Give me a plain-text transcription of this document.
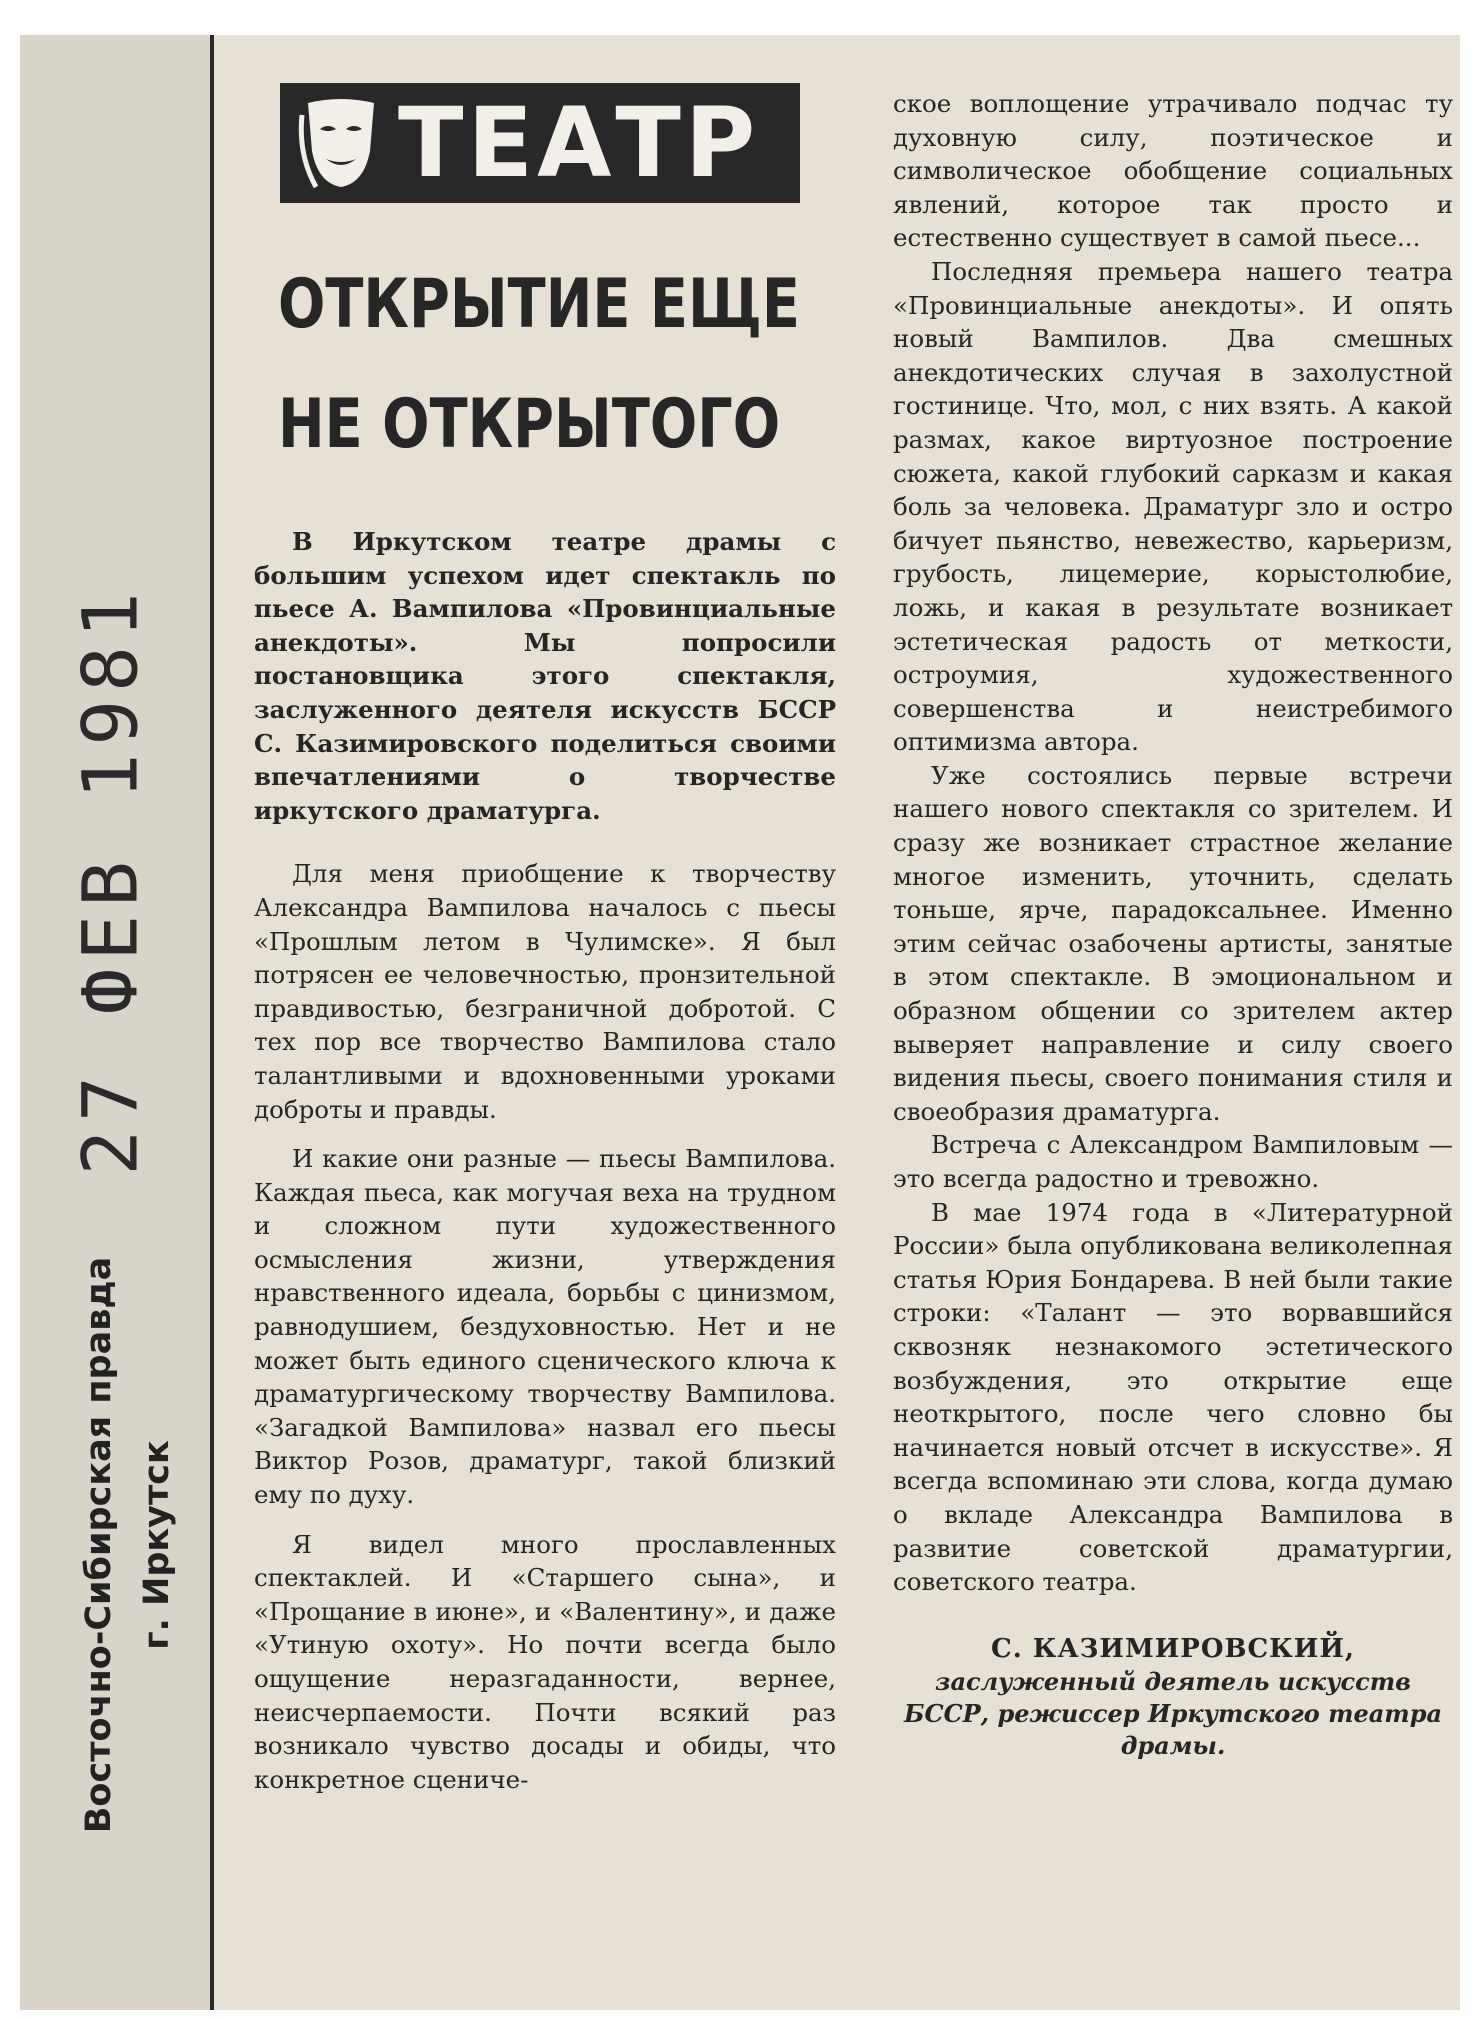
27 ФЕВ 1981
Восточно-Сибирская правда г. Иркутск
ТЕАТР
ОТКРЫТИЕ ЕЩЕ
НЕ ОТКРЫТОГО

В Иркутском театре драмы с большим успехом идет спектакль по пьесе А. Вампилова «Провинциальные анекдоты». Мы попросили постановщика этого спектакля, заслуженного деятеля искусств БССР С. Казимировского поделиться своими впечатлениями о творчестве иркутского драматурга.

Для меня приобщение к творчеству Александра Вампилова началось с пьесы «Прошлым летом в Чулимске». Я был потрясен ее человечностью, пронзительной правдивостью, безграничной добротой. С тех пор все творчество Вампилова стало талантливыми и вдохновенными уроками доброты и правды.

И какие они разные — пьесы Вампилова. Каждая пьеса, как могучая веха на трудном и сложном пути художественного осмысления жизни, утверждения нравственного идеала, борьбы с цинизмом, равнодушием, бездуховностью. Нет и не может быть единого сценического ключа к драматургическому творчеству Вампилова. «Загадкой Вампилова» назвал его пьесы Виктор Розов, драматург, такой близкий ему по духу.

Я видел много прославленных спектаклей. И «Старшего сына», и «Прощание в июне», и «Валентину», и даже «Утиную охоту». Но почти всегда было ощущение неразгаданности, вернее, неисчерпаемости. Почти всякий раз возникало чувство досады и обиды, что конкретное сцениче-

ское воплощение утрачивало подчас ту духовную силу, поэтическое и символическое обобщение социальных явлений, которое так просто и естественно существует в самой пьесе...

Последняя премьера нашего театра «Провинциальные анекдоты». И опять новый Вампилов. Два смешных анекдотических случая в захолустной гостинице. Что, мол, с них взять. А какой размах, какое виртуозное построение сюжета, какой глубокий сарказм и какая боль за человека. Драматург зло и остро бичует пьянство, невежество, карьеризм, грубость, лицемерие, корыстолюбие, ложь, и какая в результате возникает эстетическая радость от меткости, остроумия, художественного совершенства и неистребимого оптимизма автора.

Уже состоялись первые встречи нашего нового спектакля со зрителем. И сразу же возникает страстное желание многое изменить, уточнить, сделать тоньше, ярче, парадоксальнее. Именно этим сейчас озабочены артисты, занятые в этом спектакле. В эмоциональном и образном общении со зрителем актер выверяет направление и силу своего видения пьесы, своего понимания стиля и своеобразия драматурга.

Встреча с Александром Вампиловым — это всегда радостно и тревожно.

В мае 1974 года в «Литературной России» была опубликована великолепная статья Юрия Бондарева. В ней были такие строки: «Талант — это ворвавшийся сквозняк незнакомого эстетического возбуждения, это открытие еще неоткрытого, после чего словно бы начинается новый отсчет в искусстве». Я всегда вспоминаю эти слова, когда думаю о вкладе Александра Вампилова в развитие советской драматургии, советского театра.

С. КАЗИМИРОВСКИЙ,
заслуженный деятель искусств БССР, режиссер Иркутского театра драмы.
